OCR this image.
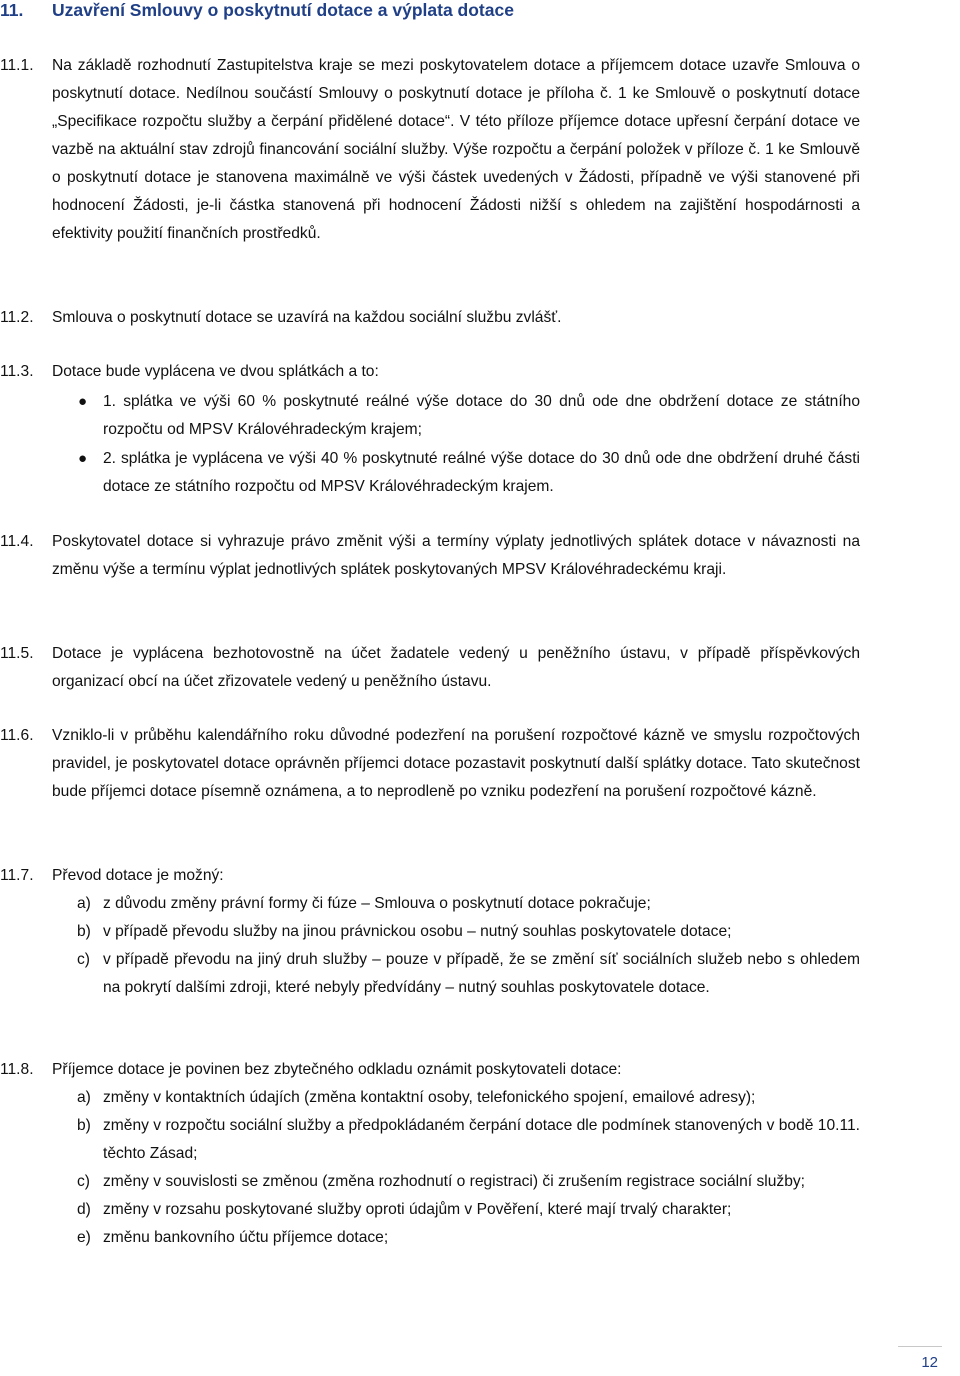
11. Uzavření Smlouvy o poskytnutí dotace a výplata dotace
11.1. Na základě rozhodnutí Zastupitelstva kraje se mezi poskytovatelem dotace a příjemcem dotace uzavře Smlouva o poskytnutí dotace. Nedílnou součástí Smlouvy o poskytnutí dotace je příloha č. 1 ke Smlouvě o poskytnutí dotace „Specifikace rozpočtu služby a čerpání přidělené dotace“. V této příloze příjemce dotace upřesní čerpání dotace ve vazbě na aktuální stav zdrojů financování sociální služby. Výše rozpočtu a čerpání položek v příloze č. 1 ke Smlouvě o poskytnutí dotace je stanovena maximálně ve výši částek uvedených v Žádosti, případně ve výši stanovené při hodnocení Žádosti, je-li částka stanovená při hodnocení Žádosti nižší s ohledem na zajištění hospodárnosti a efektivity použití finančních prostředků.
11.2. Smlouva o poskytnutí dotace se uzavírá na každou sociální službu zvlášť.
11.3. Dotace bude vyplácena ve dvou splátkách a to:
● 1. splátka ve výši 60 % poskytnuté reálné výše dotace do 30 dnů ode dne obdržení dotace ze státního rozpočtu od MPSV Královéhradeckým krajem;
● 2. splátka je vyplácena ve výši 40 % poskytnuté reálné výše dotace do 30 dnů ode dne obdržení druhé části dotace ze státního rozpočtu od MPSV Královéhradeckým krajem.
11.4. Poskytovatel dotace si vyhrazuje právo změnit výši a termíny výplaty jednotlivých splátek dotace v návaznosti na změnu výše a termínu výplat jednotlivých splátek poskytovaných MPSV Královéhradeckému kraji.
11.5. Dotace je vyplácena bezhotovostně na účet žadatele vedený u peněžního ústavu, v případě příspěvkových organizací obcí na účet zřizovatele vedený u peněžního ústavu.
11.6. Vzniklo-li v průběhu kalendářního roku důvodné podezření na porušení rozpočtové kázně ve smyslu rozpočtových pravidel, je poskytovatel dotace oprávněn příjemci dotace pozastavit poskytnutí další splátky dotace. Tato skutečnost bude příjemci dotace písemně oznámena, a to neprodleně po vzniku podezření na porušení rozpočtové kázně.
11.7. Převod dotace je možný:
a) z důvodu změny právní formy či fúze – Smlouva o poskytnutí dotace pokračuje;
b) v případě převodu služby na jinou právnickou osobu – nutný souhlas poskytovatele dotace;
c) v případě převodu na jiný druh služby – pouze v případě, že se změní síť sociálních služeb nebo s ohledem na pokrytí dalšími zdroji, které nebyly předvídány – nutný souhlas poskytovatele dotace.
11.8. Příjemce dotace je povinen bez zbytečného odkladu oznámit poskytovateli dotace:
a) změny v kontaktních údajích (změna kontaktní osoby, telefonického spojení, emailové adresy);
b) změny v rozpočtu sociální služby a předpokládaném čerpání dotace dle podmínek stanovených v bodě 10.11. těchto Zásad;
c) změny v souvislosti se změnou (změna rozhodnutí o registraci) či zrušením registrace sociální služby;
d) změny v rozsahu poskytované služby oproti údajům v Pověření, které mají trvalý charakter;
e) změnu bankovního účtu příjemce dotace;
12
